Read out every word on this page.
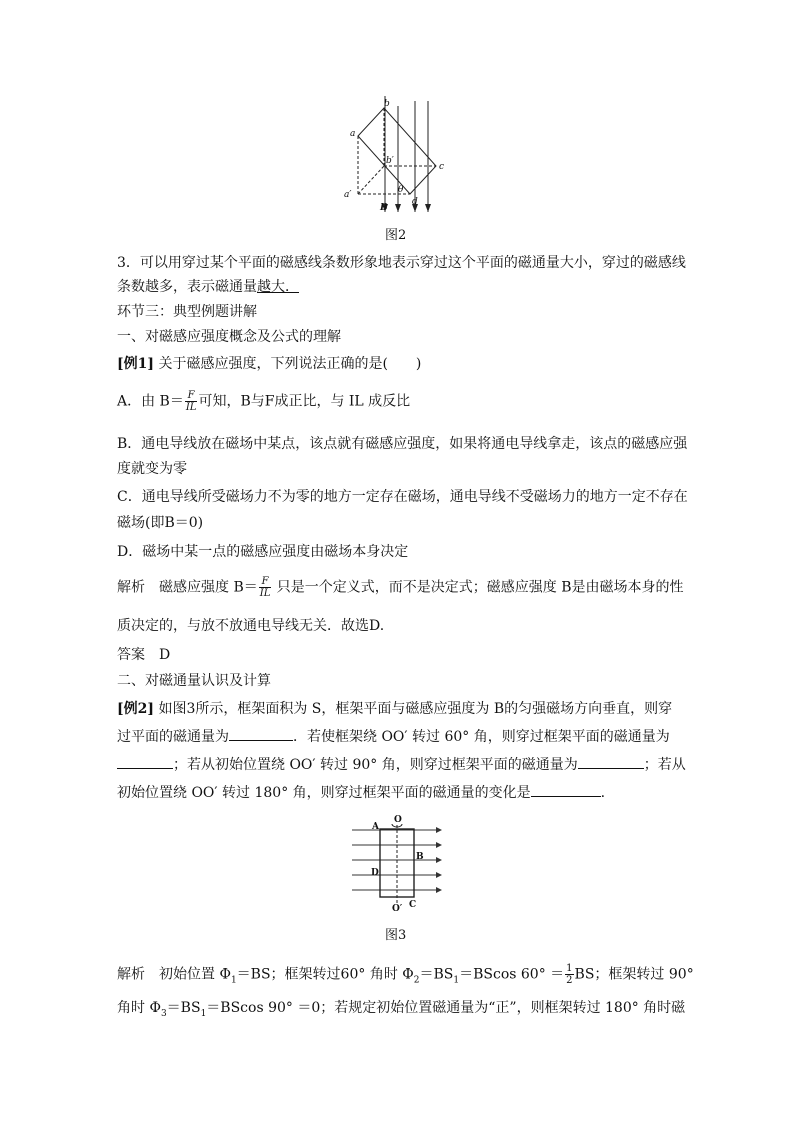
a
b
b′
c
a′
d
B
θ
图2
3．可以用穿过某个平面的磁感线条数形象地表示穿过这个平面的磁通量大小，穿过的磁感线
条数越多，表示磁通量越大．
环节三：典型例题讲解
一、对磁感应强度概念及公式的理解
[例1] 关于磁感应强度，下列说法正确的是(　　)
A．由 $B= \frac{F}{IL}$ 可知，B与F成正比，与 IL 成反比
B．通电导线放在磁场中某点，该点就有磁感应强度，如果将通电导线拿走，该点的磁感应强
度就变为零
C．通电导线所受磁场力不为零的地方一定存在磁场，通电导线不受磁场力的地方一定不存在
磁场(即B＝0)
D．磁场中某一点的磁感应强度由磁场本身决定
解析　磁感应强度 $B= \frac{F}{IL}$ 只是一个定义式，而不是决定式；磁感应强度 B是由磁场本身的性
质决定的，与放不放通电导线无关．故选D.
答案　D
二、对磁通量认识及计算
[例2] 如图3所示，框架面积为 S，框架平面与磁感应强度为 B的匀强磁场方向垂直，则穿
过平面的磁通量为	．若使框架绕 OO′ 转过 60° 角，则穿过框架平面的磁通量为
；若从初始位置绕 OO′ 转过 90° 角，则穿过框架平面的磁通量为	；若从
初始位置绕 OO′ 转过 180° 角，则穿过框架平面的磁通量的变化是	.
A
O
B
D
C
O′
图3
解析　初始位置 $\Phi_1=BS$；框架转过60° 角时 $\Phi_2=BS_1=BScos$ $60^\circ = \frac{1}{2}$ BS；框架转过 90°
角时 $\Phi_3=BS_1=BScos$ 90° ＝0；若规定初始位置磁通量为“正”，则框架转过 180° 角时磁
